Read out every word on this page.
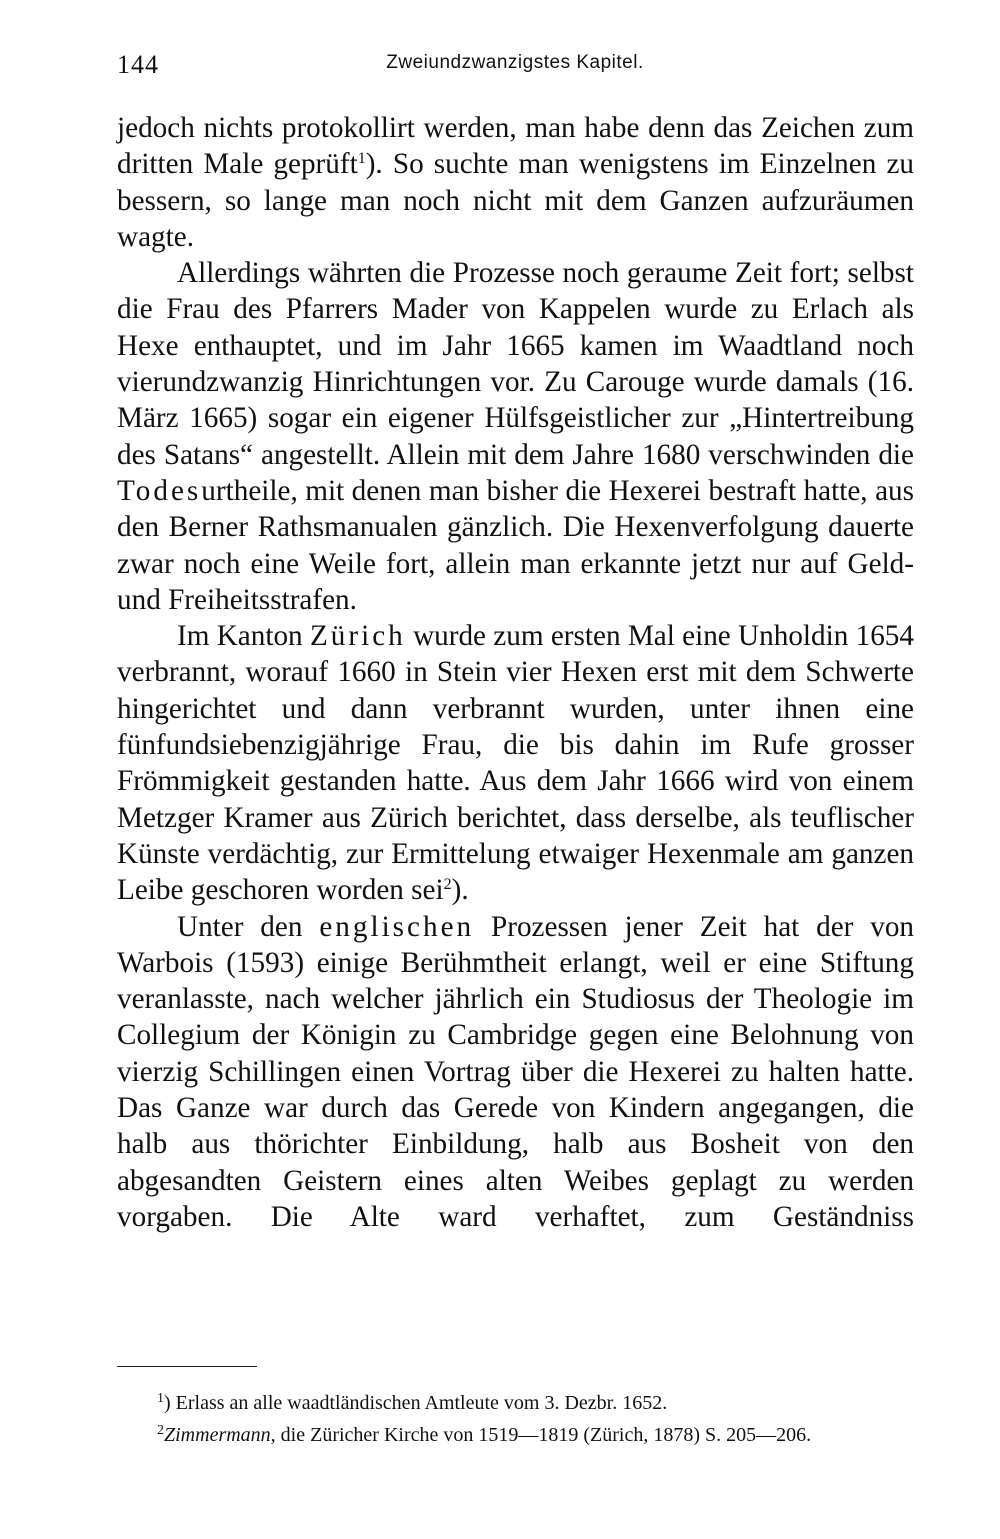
144	Zweiundzwanzigstes Kapitel.

jedoch nichts protokollirt werden, man habe denn das Zeichen zum dritten Male geprüft$^1$). So suchte man wenigstens im Einzelnen zu bessern, so lange man noch nicht mit dem Ganzen aufzuräumen wagte.

Allerdings währten die Prozesse noch geraume Zeit fort; selbst die Frau des Pfarrers Mader von Kappelen wurde zu Erlach als Hexe enthauptet, und im Jahr 1665 kamen im Waadtland noch vierundzwanzig Hinrichtungen vor. Zu Carouge wurde damals (16. März 1665) sogar ein eigener Hülfsgeistlicher zur „Hintertreibung des Satans“ angestellt. Allein mit dem Jahre 1680 verschwinden die Todesurtheile, mit denen man bisher die Hexerei bestraft hatte, aus den Berner Rathsmanualen gänzlich. Die Hexenverfolgung dauerte zwar noch eine Weile fort, allein man erkannte jetzt nur auf Geld- und Freiheitsstrafen.

Im Kanton Zürich wurde zum ersten Mal eine Unholdin 1654 verbrannt, worauf 1660 in Stein vier Hexen erst mit dem Schwerte hingerichtet und dann verbrannt wurden, unter ihnen eine fünfundsiebenzigjährige Frau, die bis dahin im Rufe grosser Frömmigkeit gestanden hatte. Aus dem Jahr 1666 wird von einem Metzger Kramer aus Zürich berichtet, dass derselbe, als teuflischer Künste verdächtig, zur Ermittelung etwaiger Hexenmale am ganzen Leibe geschoren worden sei$^2$).

Unter den englischen Prozessen jener Zeit hat der von Warbois (1593) einige Berühmtheit erlangt, weil er eine Stiftung veranlasste, nach welcher jährlich ein Studiosus der Theologie im Collegium der Königin zu Cambridge gegen eine Belohnung von vierzig Schillingen einen Vortrag über die Hexerei zu halten hatte. Das Ganze war durch das Gerede von Kindern angegangen, die halb aus thörichter Einbildung, halb aus Bosheit von den abgesandten Geistern eines alten Weibes geplagt zu werden vorgaben. Die Alte ward verhaftet, zum Geständniss

$^1$) Erlass an alle waadtländischen Amtleute vom 3. Dezbr. 1652.

$^2$Zimmermann, die Züricher Kirche von 1519—1819 (Zürich, 1878) S. 205—206.
